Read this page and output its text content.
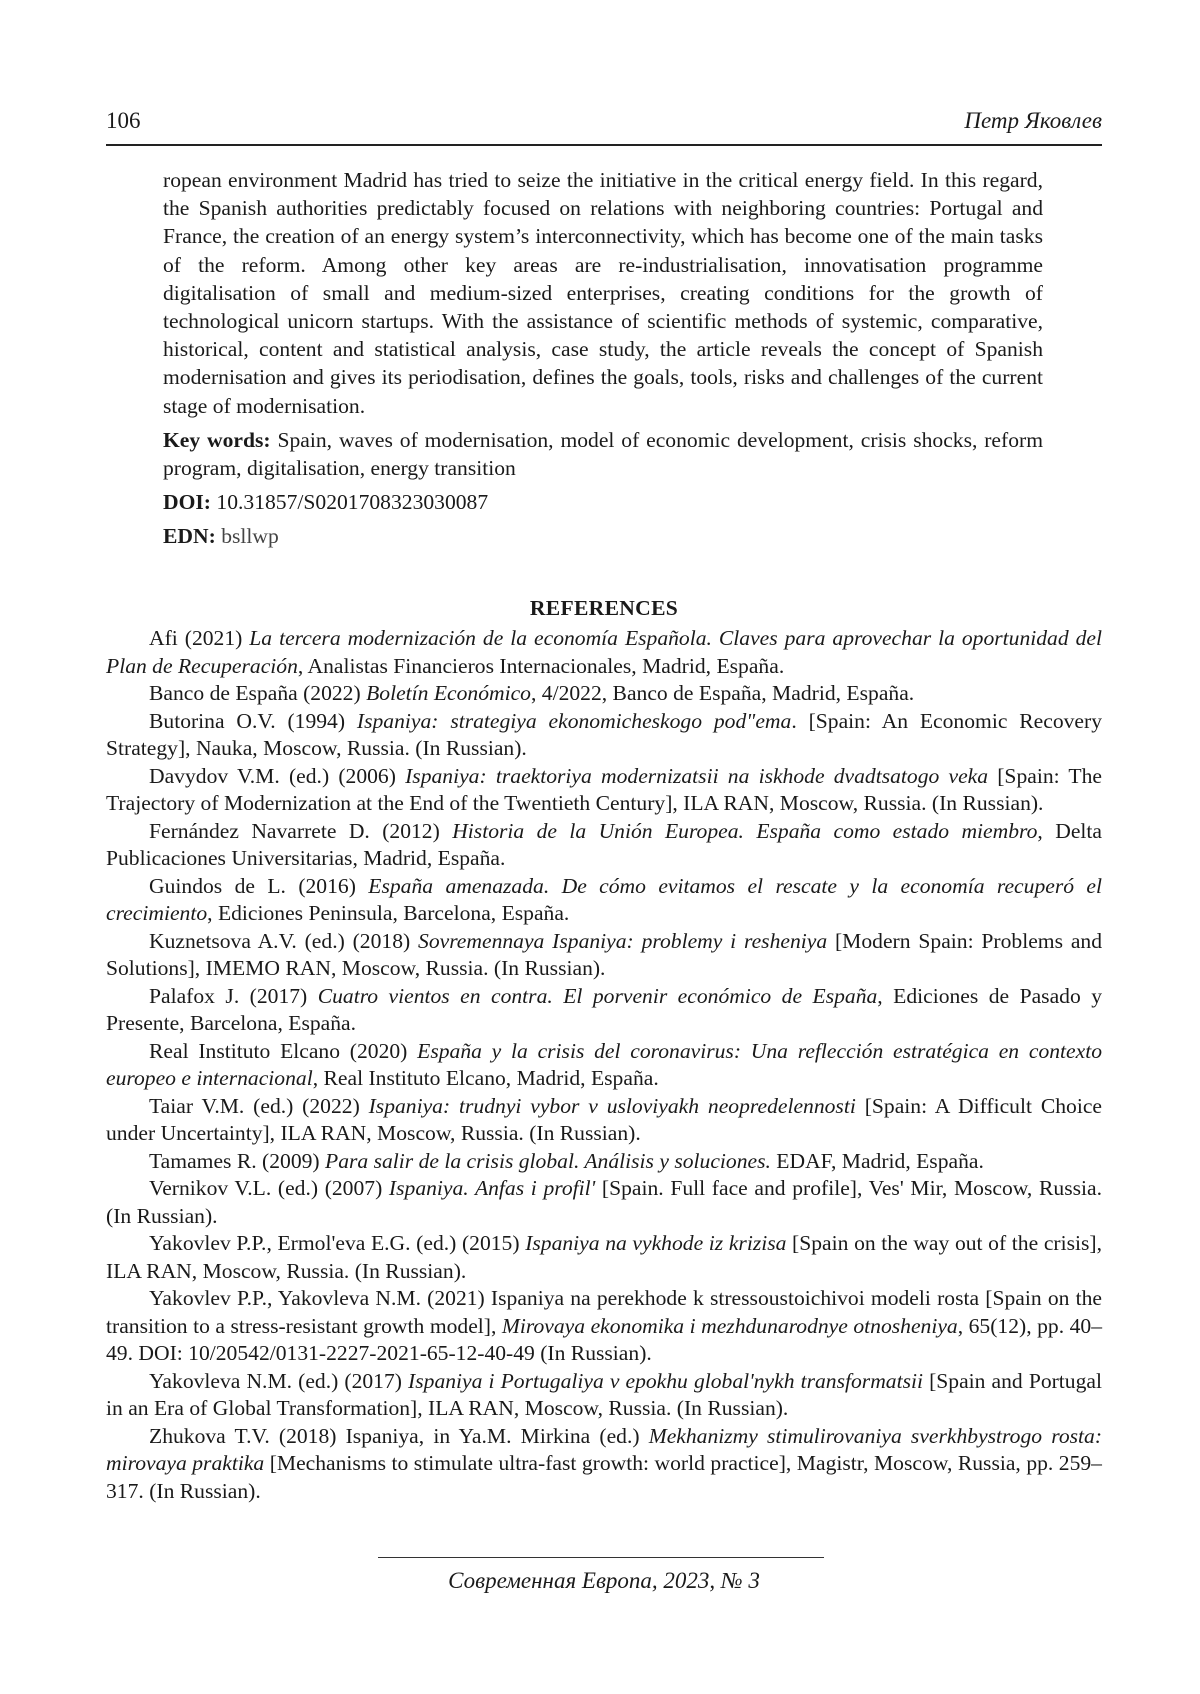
106	Петр Яковлев

ropean environment Madrid has tried to seize the initiative in the critical energy field. In this regard, the Spanish authorities predictably focused on relations with neighboring countries: Portugal and France, the creation of an energy system’s interconnectivity, which has become one of the main tasks of the reform. Among other key areas are re-industrialisation, innovatisation programme digitalisation of small and medium-sized enterprises, creating conditions for the growth of technological unicorn startups. With the assistance of scientific methods of systemic, comparative, historical, content and statistical analysis, case study, the article reveals the concept of Spanish modernisation and gives its periodisation, defines the goals, tools, risks and challenges of the current stage of modernisation.

Key words: Spain, waves of modernisation, model of economic development, crisis shocks, reform program, digitalisation, energy transition

DOI: 10.31857/S0201708323030087

EDN: bsllwp

REFERENCES

Afi (2021) La tercera modernización de la economía Española. Claves para aprovechar la oportunidad del Plan de Recuperación, Analistas Financieros Internacionales, Madrid, España.

Banco de España (2022) Boletín Económico, 4/2022, Banco de España, Madrid, España.

Butorina O.V. (1994) Ispaniya: strategiya ekonomicheskogo pod"ema. [Spain: An Economic Recovery Strategy], Nauka, Moscow, Russia. (In Russian).

Davydov V.M. (ed.) (2006) Ispaniya: traektoriya modernizatsii na iskhode dvadtsatogo veka [Spain: The Trajectory of Modernization at the End of the Twentieth Century], ILA RAN, Moscow, Russia. (In Russian).

Fernández Navarrete D. (2012) Historia de la Unión Europea. España como estado miembro, Delta Publicaciones Universitarias, Madrid, España.

Guindos de L. (2016) España amenazada. De cómo evitamos el rescate y la economía recuperó el crecimiento, Ediciones Peninsula, Barcelona, España.

Kuznetsova A.V. (ed.) (2018) Sovremennaya Ispaniya: problemy i resheniya [Modern Spain: Problems and Solutions], IMEMO RAN, Moscow, Russia. (In Russian).

Palafox J. (2017) Cuatro vientos en contra. El porvenir económico de España, Ediciones de Pasado y Presente, Barcelona, España.

Real Instituto Elcano (2020) España y la crisis del coronavirus: Una reflección estratégica en contexto europeo e internacional, Real Instituto Elcano, Madrid, España.

Taiar V.M. (ed.) (2022) Ispaniya: trudnyi vybor v usloviyakh neopredelennosti [Spain: A Difficult Choice under Uncertainty], ILA RAN, Moscow, Russia. (In Russian).

Tamames R. (2009) Para salir de la crisis global. Análisis y soluciones. EDAF, Madrid, España.

Vernikov V.L. (ed.) (2007) Ispaniya. Anfas i profil' [Spain. Full face and profile], Ves' Mir, Moscow, Russia. (In Russian).

Yakovlev P.P., Ermol'eva E.G. (ed.) (2015) Ispaniya na vykhode iz krizisa [Spain on the way out of the crisis], ILA RAN, Moscow, Russia. (In Russian).

Yakovlev P.P., Yakovleva N.M. (2021) Ispaniya na perekhode k stressoustoichivoi modeli rosta [Spain on the transition to a stress-resistant growth model], Mirovaya ekonomika i mezhdunarodnye otnosheniya, 65(12), pp. 40–49. DOI: 10/20542/0131-2227-2021-65-12-40-49 (In Russian).

Yakovleva N.M. (ed.) (2017) Ispaniya i Portugaliya v epokhu global'nykh transformatsii [Spain and Portugal in an Era of Global Transformation], ILA RAN, Moscow, Russia. (In Russian).

Zhukova T.V. (2018) Ispaniya, in Ya.M. Mirkina (ed.) Mekhanizmy stimulirovaniya sverkhbystrogo rosta: mirovaya praktika [Mechanisms to stimulate ultra-fast growth: world practice], Magistr, Moscow, Russia, pp. 259–317. (In Russian).

Современная Европа, 2023, № 3
